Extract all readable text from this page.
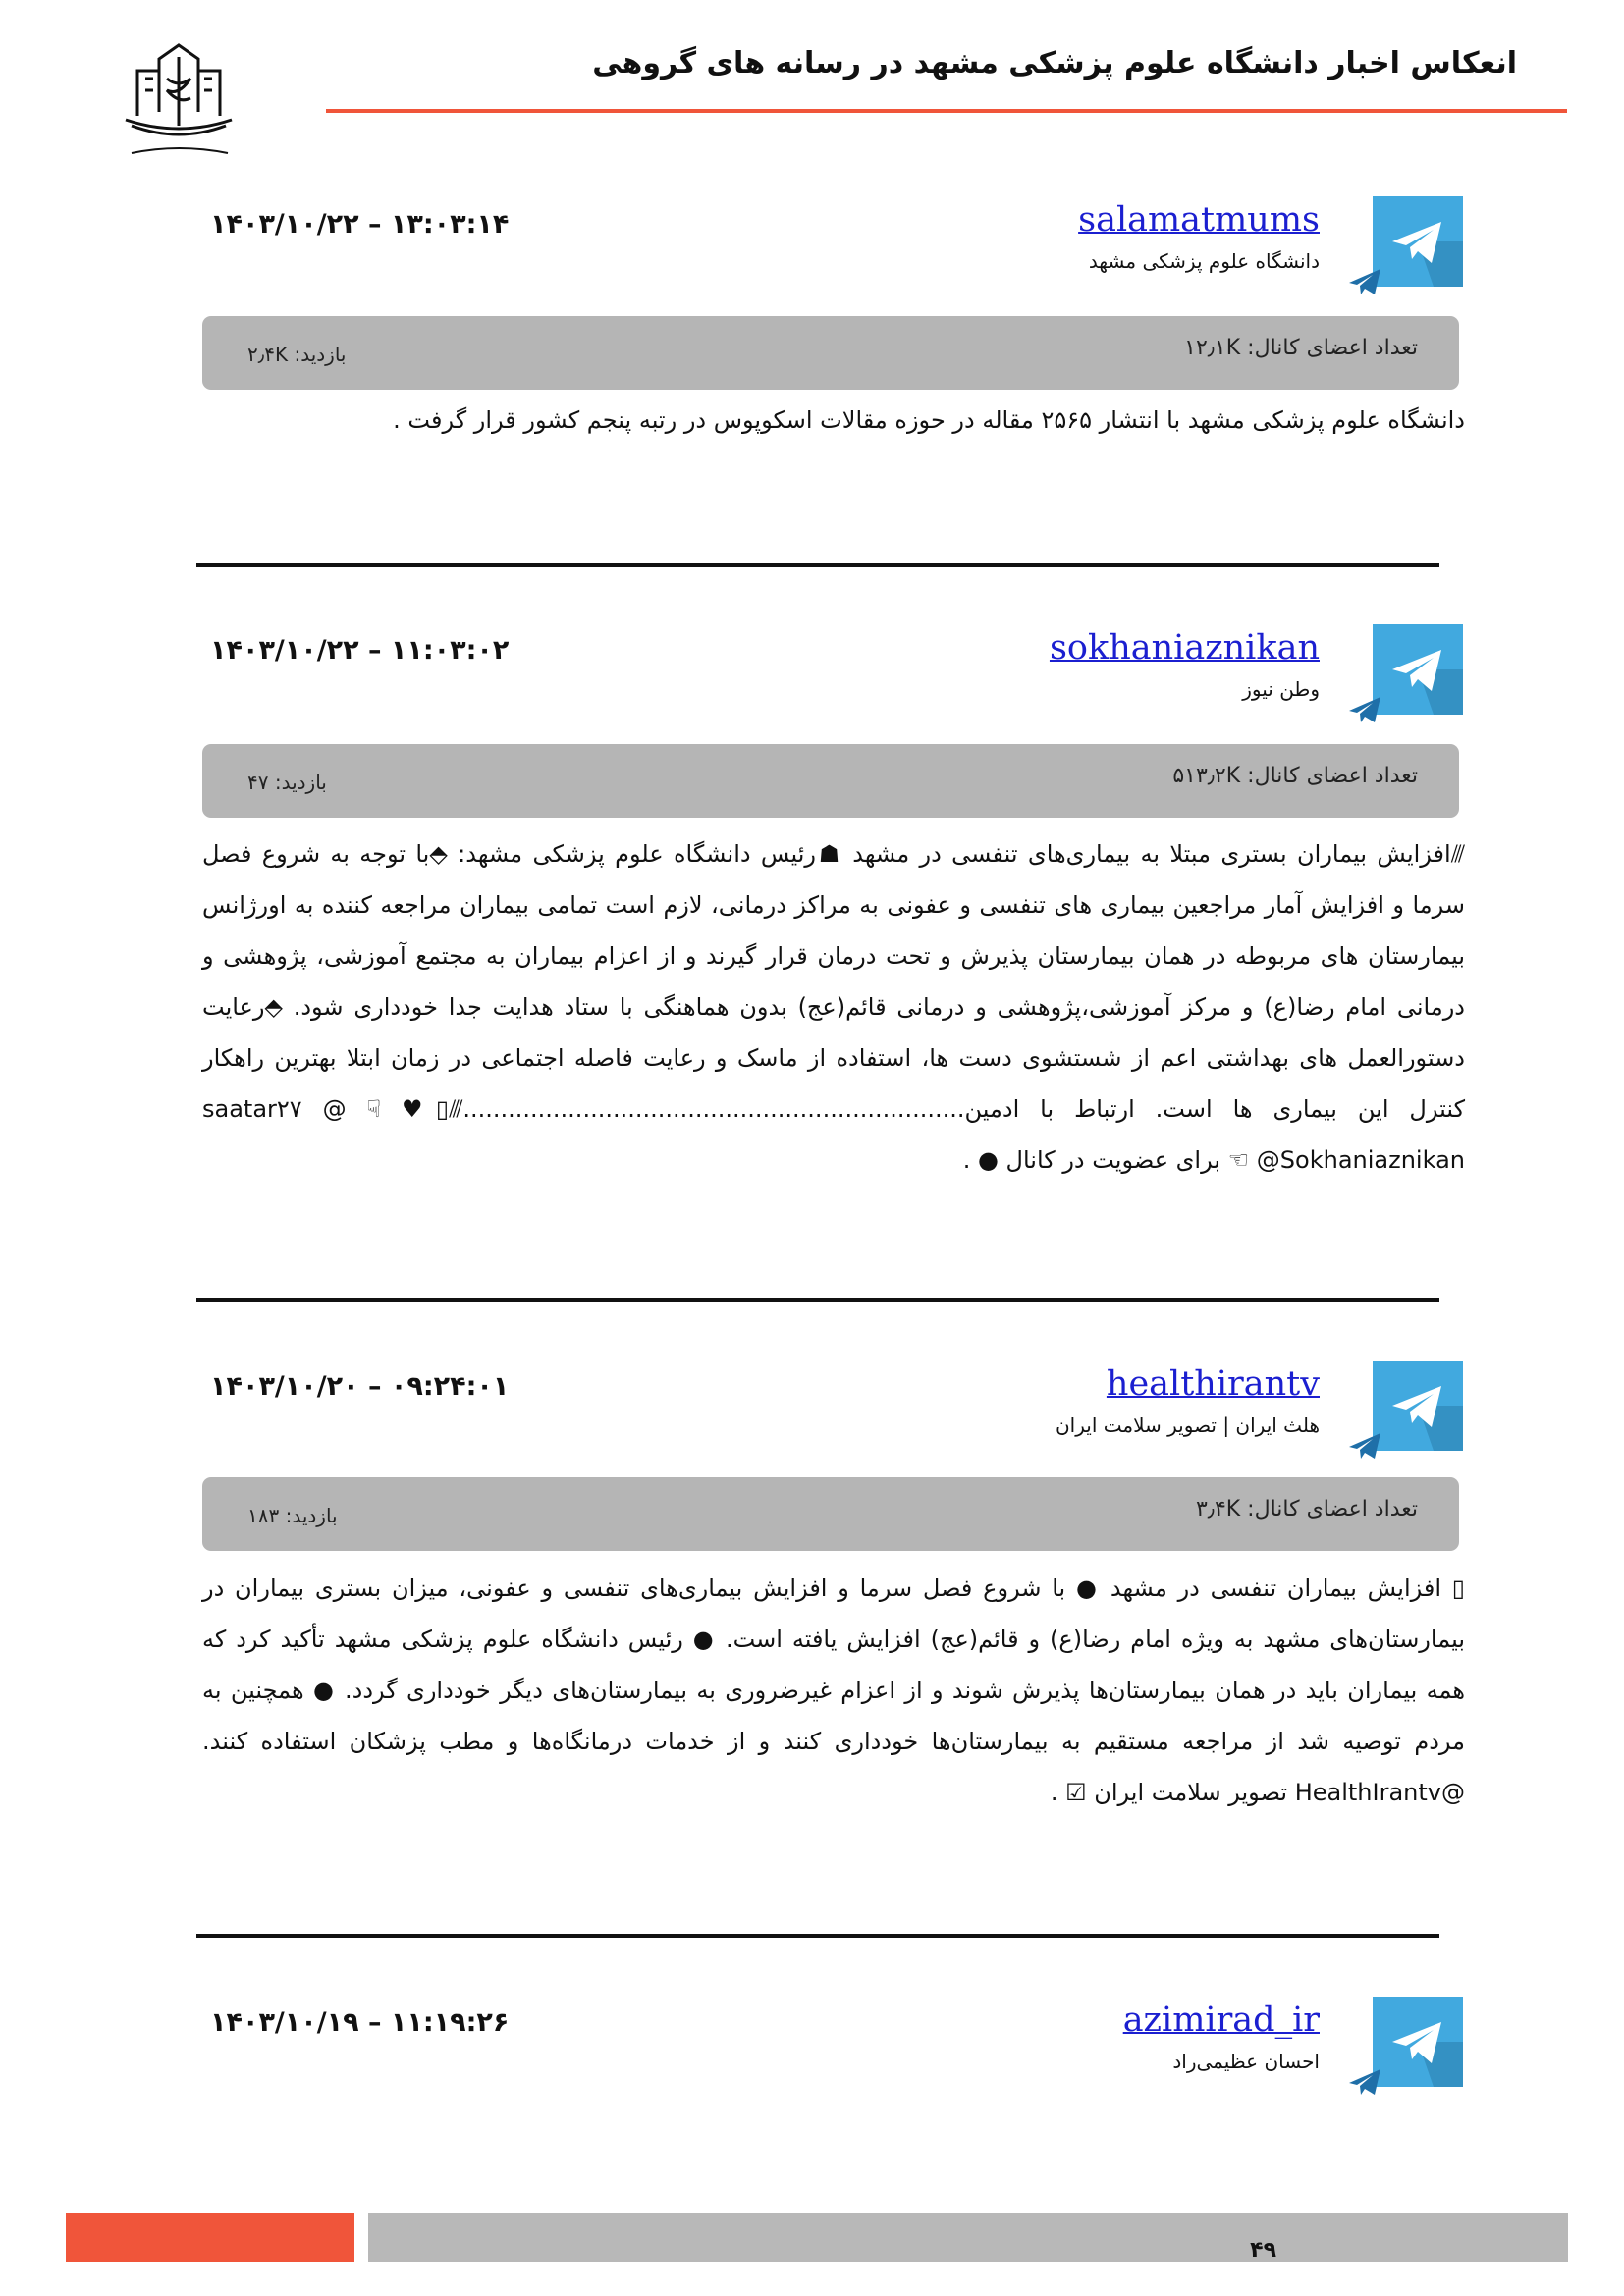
انعکاس اخبار دانشگاه علوم پزشکی مشهد در رسانه های گروهی
salamatmums
دانشگاه علوم پزشکی مشهد
۱۴۰۳/۱۰/۲۲ – ۱۳:۰۳:۱۴
تعداد اعضای کانال: ۱۲٫۱K
بازدید: ۲٫۴K

دانشگاه علوم پزشکی مشهد با انتشار ۲۵۶۵ مقاله در حوزه مقالات اسکوپوس در رتبه پنجم کشور قرار گرفت .

sokhaniaznikan
وطن نیوز
۱۴۰۳/۱۰/۲۲ – ۱۱:۰۳:۰۲
تعداد اعضای کانال: ۵۱۳٫۲K
بازدید: ۴۷

⫻افزایش بیماران بستری مبتلا به بیماری‌های تنفسی در مشهد ☗رئیس دانشگاه علوم پزشکی مشهد: ⬘با توجه به شروع فصل سرما و افزایش آمار مراجعین بیماری های تنفسی و عفونی به مراکز درمانی، لازم است تمامی بیماران مراجعه کننده به اورژانس بیمارستان های مربوطه در همان بیمارستان پذیرش و تحت درمان قرار گیرند و از اعزام بیماران به مجتمع آموزشی، پژوهشی و درمانی امام رضا(ع) و مرکز آموزشی،پژوهشی و درمانی قائم(عج) بدون هماهنگی با ستاد هدایت جدا خودداری شود. ⬘رعایت دستورالعمل های بهداشتی اعم از شستشوی دست ها، استفاده از ماسک و رعایت فاصله اجتماعی در زمان ابتلا بهترین راهکار کنترل این بیماری ها است. ارتباط با ادمین...................................................................⫻▯♥ ☟ @ saatar۲۷ @Sokhaniaznikan ☜ برای عضویت در کانال ● .

healthirantv
هلث ایران | تصویر سلامت ایران
۱۴۰۳/۱۰/۲۰ – ۰۹:۲۴:۰۱
تعداد اعضای کانال: ۳٫۴K
بازدید: ۱۸۳

▯ افزایش بیماران تنفسی در مشهد ● با شروع فصل سرما و افزایش بیماری‌های تنفسی و عفونی، میزان بستری بیماران در بیمارستان‌های مشهد به ویژه امام رضا(ع) و قائم(عج) افزایش یافته است. ● رئیس دانشگاه علوم پزشکی مشهد تأکید کرد که همه بیماران باید در همان بیمارستان‌ها پذیرش شوند و از اعزام غیرضروری به بیمارستان‌های دیگر خودداری گردد. ● همچنین به مردم توصیه شد از مراجعه مستقیم به بیمارستان‌ها خودداری کنند و از خدمات درمانگاه‌ها و مطب پزشکان استفاده کنند. @HealthIrantv تصویر سلامت ایران ☑ .

azimirad_ir
احسان عظیمی‌راد
۱۴۰۳/۱۰/۱۹ – ۱۱:۱۹:۲۶
۴۹
